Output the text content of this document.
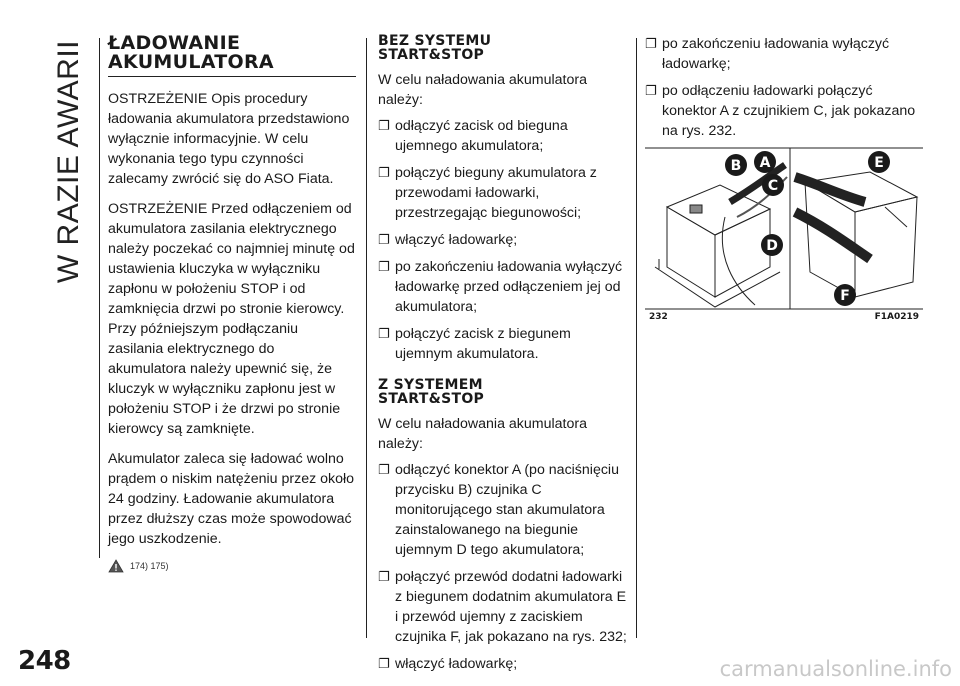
W RAZIE AWARII
248
ŁADOWANIE AKUMULATORA

OSTRZEŻENIE Opis procedury ładowania akumulatora przedstawiono wyłącznie informacyjnie. W celu wykonania tego typu czynności zalecamy zwrócić się do ASO Fiata.

OSTRZEŻENIE Przed odłączeniem od akumulatora zasilania elektrycznego należy poczekać co najmniej minutę od ustawienia kluczyka w wyłączniku zapłonu w położeniu STOP i od zamknięcia drzwi po stronie kierowcy. Przy późniejszym podłączaniu zasilania elektrycznego do akumulatora należy upewnić się, że kluczyk w wyłączniku zapłonu jest w położeniu STOP i że drzwi po stronie kierowcy są zamknięte.

Akumulator zaleca się ładować wolno prądem o niskim natężeniu przez około 24 godziny. Ładowanie akumulatora przez dłuższy czas może spowodować jego uszkodzenie.

174) 175)
BEZ SYSTEMU START&STOP

W celu naładowania akumulatora należy:

❐ odłączyć zacisk od bieguna ujemnego akumulatora;
❐ połączyć bieguny akumulatora z przewodami ładowarki, przestrzegając biegunowości;
❐ włączyć ładowarkę;
❐ po zakończeniu ładowania wyłączyć ładowarkę przed odłączeniem jej od akumulatora;
❐ połączyć zacisk z biegunem ujemnym akumulatora.
Z SYSTEMEM START&STOP

W celu naładowania akumulatora należy:

❐ odłączyć konektor A (po naciśnięciu przycisku B) czujnika C monitorującego stan akumulatora zainstalowanego na biegunie ujemnym D tego akumulatora;
❐ połączyć przewód dodatni ładowarki z biegunem dodatnim akumulatora E i przewód ujemny z zaciskiem czujnika F, jak pokazano na rys. 232;
❐ włączyć ładowarkę;
❐ po zakończeniu ładowania wyłączyć ładowarkę;
❐ po odłączeniu ładowarki połączyć konektor A z czujnikiem C, jak pokazano na rys. 232.
B A
C
D
E
F
232	F1A0219
carmanualsonline.info
